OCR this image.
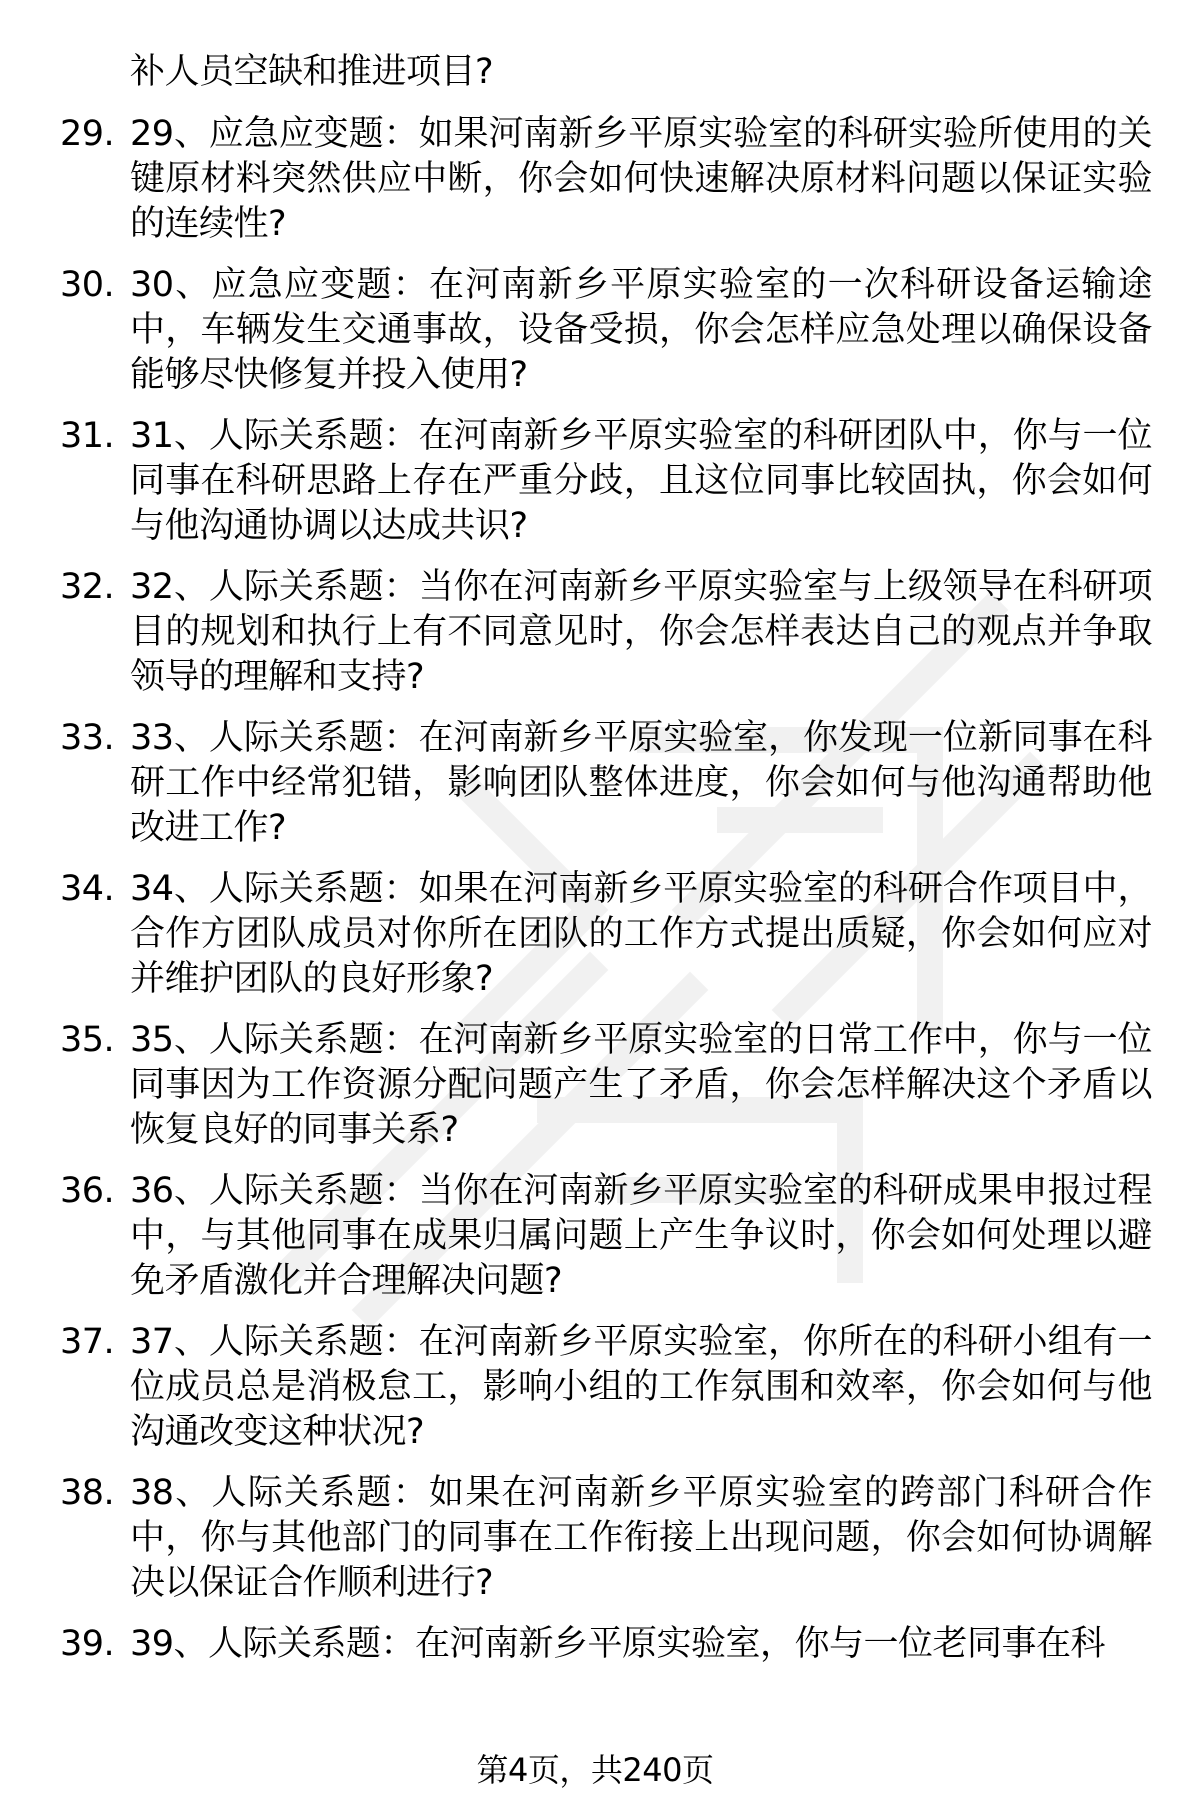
补人员空缺和推进项目?
29. 29、应急应变题：如果河南新乡平原实验室的科研实验所使用的关键原材料突然供应中断，你会如何快速解决原材料问题以保证实验的连续性?
30. 30、应急应变题：在河南新乡平原实验室的一次科研设备运输途中，车辆发生交通事故，设备受损，你会怎样应急处理以确保设备能够尽快修复并投入使用?
31. 31、人际关系题：在河南新乡平原实验室的科研团队中，你与一位同事在科研思路上存在严重分歧，且这位同事比较固执，你会如何与他沟通协调以达成共识?
32. 32、人际关系题：当你在河南新乡平原实验室与上级领导在科研项目的规划和执行上有不同意见时，你会怎样表达自己的观点并争取领导的理解和支持?
33. 33、人际关系题：在河南新乡平原实验室，你发现一位新同事在科研工作中经常犯错，影响团队整体进度，你会如何与他沟通帮助他改进工作?
34. 34、人际关系题：如果在河南新乡平原实验室的科研合作项目中，合作方团队成员对你所在团队的工作方式提出质疑，你会如何应对并维护团队的良好形象?
35. 35、人际关系题：在河南新乡平原实验室的日常工作中，你与一位同事因为工作资源分配问题产生了矛盾，你会怎样解决这个矛盾以恢复良好的同事关系?
36. 36、人际关系题：当你在河南新乡平原实验室的科研成果申报过程中，与其他同事在成果归属问题上产生争议时，你会如何处理以避免矛盾激化并合理解决问题?
37. 37、人际关系题：在河南新乡平原实验室，你所在的科研小组有一位成员总是消极怠工，影响小组的工作氛围和效率，你会如何与他沟通改变这种状况?
38. 38、人际关系题：如果在河南新乡平原实验室的跨部门科研合作中，你与其他部门的同事在工作衔接上出现问题，你会如何协调解决以保证合作顺利进行?
39. 39、人际关系题：在河南新乡平原实验室，你与一位老同事在科
第4页，共240页
